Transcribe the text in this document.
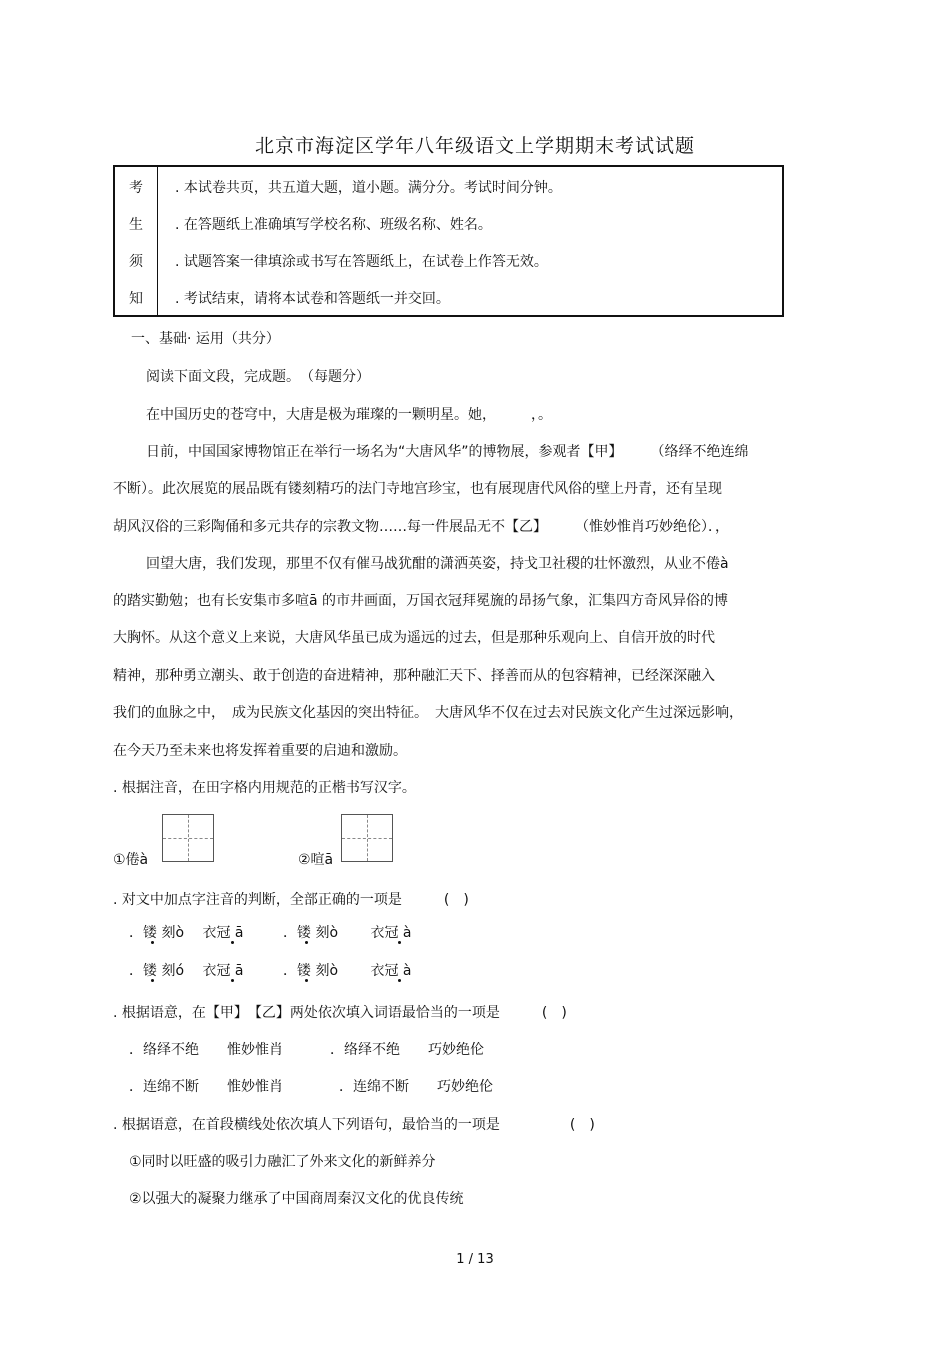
北京市海淀区学年八年级语文上学期期末考试试题
考	. 本试卷共页，共五道大题，道小题。满分分。考试时间分钟。
生	. 在答题纸上准确填写学校名称、班级名称、姓名。
须	. 试题答案一律填涂或书写在答题纸上，在试卷上作答无效。
知	. 考试结束，请将本试卷和答题纸一并交回。
一、基础· 运用（共分）
阅读下面文段，完成题。　（每题分）
在中国历史的苍穹中，大唐是极为璀璨的一颗明星。她，　　　，。
日前，中国国家博物馆正在举行一场名为“大唐风华”的博物展，参观者【甲】　　　（络绎不绝连绵
不断）。此次展览的展品既有镂刻精巧的法门寺地宫珍宝，也有展现唐代风俗的壁上丹青，还有呈现
胡风汉俗的三彩陶俑和多元共存的宗教文物……每一件展品无不【乙】　　　（惟妙惟肖巧妙绝伦）．，
回望大唐，我们发现，那里不仅有催马战犹酣的潇洒英姿，持戈卫社稷的壮怀激烈，从业不倦à
的踏实勤勉；也有长安集市多喧ā 的市井画面，万国衣冠拜冕旒的昂扬气象，汇集四方奇风异俗的博
大胸怀。从这个意义上来说，大唐风华虽已成为遥远的过去，但是那种乐观向上、自信开放的时代
精神，那种勇立潮头、敢于创造的奋进精神，那种融汇天下、择善而从的包容精神，已经深深融入
我们的血脉之中，　成为民族文化基因的突出特征。　大唐风华不仅在过去对民族文化产生过深远影响，
在今天乃至未来也将发挥着重要的启迪和激励。
. 根据注音，在田字格内用规范的正楷书写汉字。
①倦à	②喧ā
. 对文中加点字注音的判断，全部正确的一项是　　　(　)
．镂 刻ò　 衣冠 ā	．镂 刻ò　　 衣冠 à
．镂 刻ó　 衣冠 ā	．镂 刻ò　　 衣冠 à
. 根据语意，在【甲】　【乙】两处依次填入词语最恰当的一项是　　　(　)
．络绎不绝　　惟妙惟肖	．络绎不绝　　巧妙绝伦
．连绵不断　　惟妙惟肖	．连绵不断　　巧妙绝伦
. 根据语意，在首段横线处依次填人下列语句，最恰当的一项是　　　　　(　)
①同时以旺盛的吸引力融汇了外来文化的新鲜养分
②以强大的凝聚力继承了中国商周秦汉文化的优良传统
1 / 13
